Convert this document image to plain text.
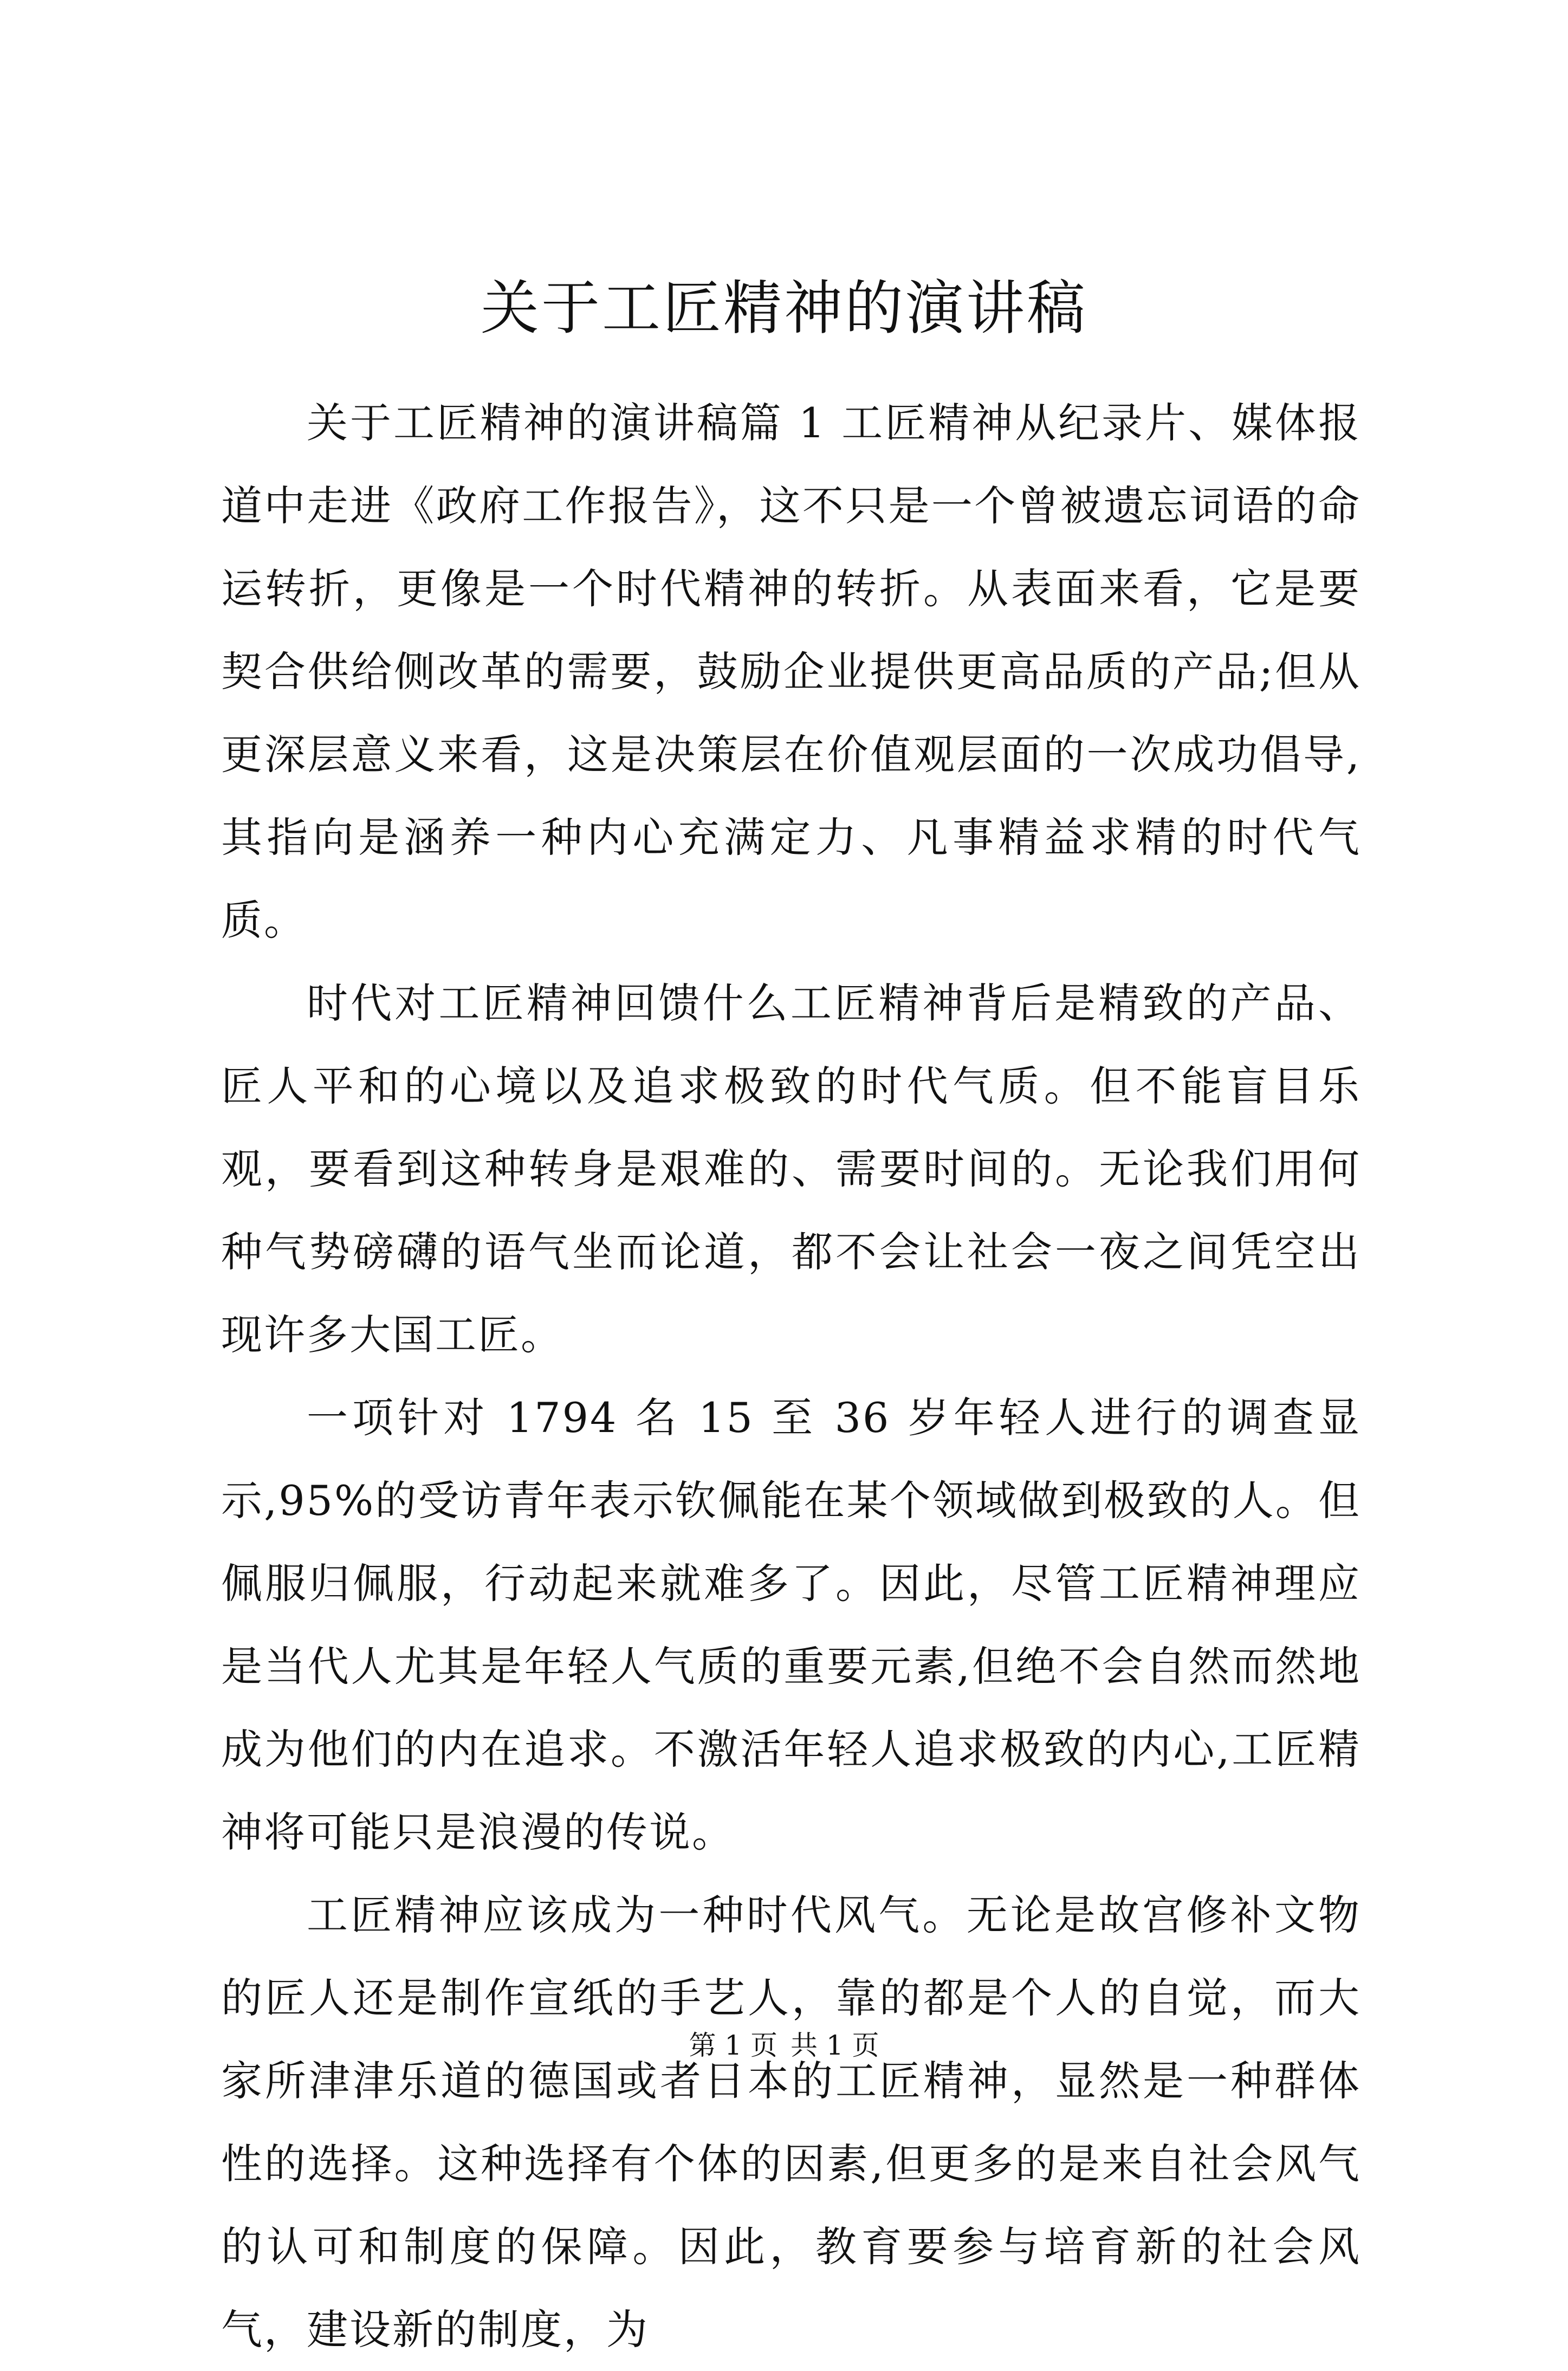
关于工匠精神的演讲稿

关于工匠精神的演讲稿篇 1 工匠精神从纪录片、媒体报道中走进《政府工作报告》，这不只是一个曾被遗忘词语的命运转折，更像是一个时代精神的转折。从表面来看，它是要契合供给侧改革的需要，鼓励企业提供更高品质的产品;但从更深层意义来看，这是决策层在价值观层面的一次成功倡导,其指向是涵养一种内心充满定力、凡事精益求精的时代气质。

时代对工匠精神回馈什么工匠精神背后是精致的产品、匠人平和的心境以及追求极致的时代气质。但不能盲目乐观，要看到这种转身是艰难的、需要时间的。无论我们用何种气势磅礴的语气坐而论道，都不会让社会一夜之间凭空出现许多大国工匠。

一项针对 1794 名 15 至 36 岁年轻人进行的调查显示,95%的受访青年表示钦佩能在某个领域做到极致的人。但佩服归佩服，行动起来就难多了。因此，尽管工匠精神理应是当代人尤其是年轻人气质的重要元素,但绝不会自然而然地成为他们的内在追求。不激活年轻人追求极致的内心,工匠精神将可能只是浪漫的传说。

工匠精神应该成为一种时代风气。无论是故宫修补文物的匠人还是制作宣纸的手艺人，靠的都是个人的自觉，而大家所津津乐道的德国或者日本的工匠精神，显然是一种群体性的选择。这种选择有个体的因素,但更多的是来自社会风气的认可和制度的保障。因此，教育要参与培育新的社会风气，建设新的制度，为

第 1 页 共 1 页
